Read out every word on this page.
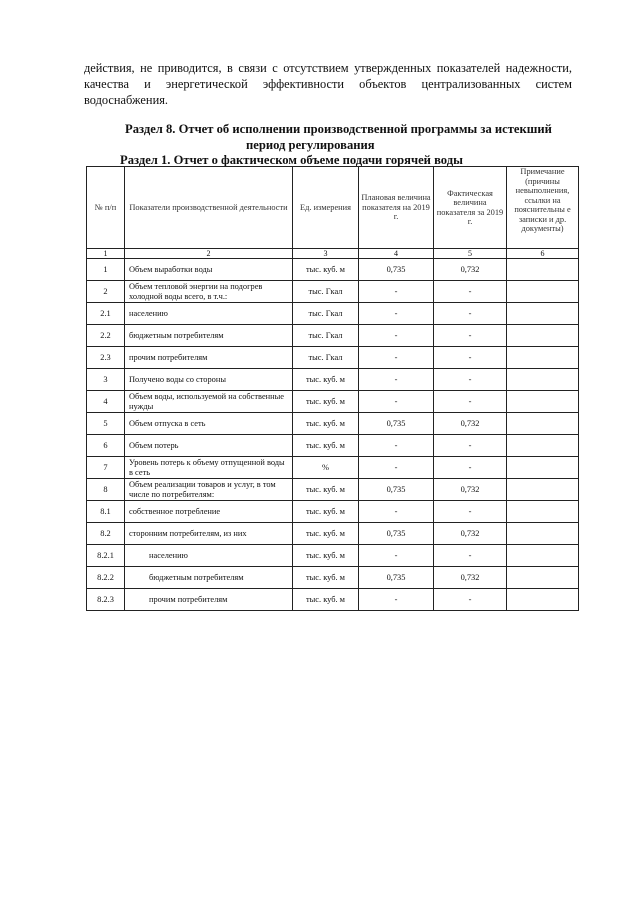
действия, не приводится, в связи с отсутствием утвержденных показателей надежности,
качества и энергетической эффективности объектов централизованных систем
водоснабжения.
Раздел 8. Отчет об исполнении производственной программы за истекший
период регулирования
Раздел 1. Отчет о фактическом объеме подачи горячей воды
№ п/п	Показатели производственной деятельности	Ед. измерения	Плановая величина показателя на 2019 г.	Фактическая величина показателя за 2019 г.	Примечание (причины невыполнения, ссылки на пояснительны е записки и др. документы)
1	2	3	4	5	6
1	Объем выработки воды	тыс. куб. м	0,735	0,732	
2	Объем тепловой энергии на подогрев холодной воды всего, в т.ч.:	тыс. Гкал	-	-	
2.1	населению	тыс. Гкал	-	-	
2.2	бюджетным потребителям	тыс. Гкал	-	-	
2.3	прочим потребителям	тыс. Гкал	-	-	
3	Получено воды со стороны	тыс. куб. м	-	-	
4	Объем воды, используемой на собственные нужды	тыс. куб. м	-	-	
5	Объем отпуска в сеть	тыс. куб. м	0,735	0,732	
6	Объем потерь	тыс. куб. м	-	-	
7	Уровень потерь к объему отпущенной воды в сеть	%	-	-	
8	Объем реализации товаров и услуг, в том числе по потребителям:	тыс. куб. м	0,735	0,732	
8.1	собственное потребление	тыс. куб. м	-	-	
8.2	сторонним потребителям, из них	тыс. куб. м	0,735	0,732	
8.2.1	населению	тыс. куб. м	-	-	
8.2.2	бюджетным потребителям	тыс. куб. м	0,735	0,732	
8.2.3	прочим потребителям	тыс. куб. м	-	-	
